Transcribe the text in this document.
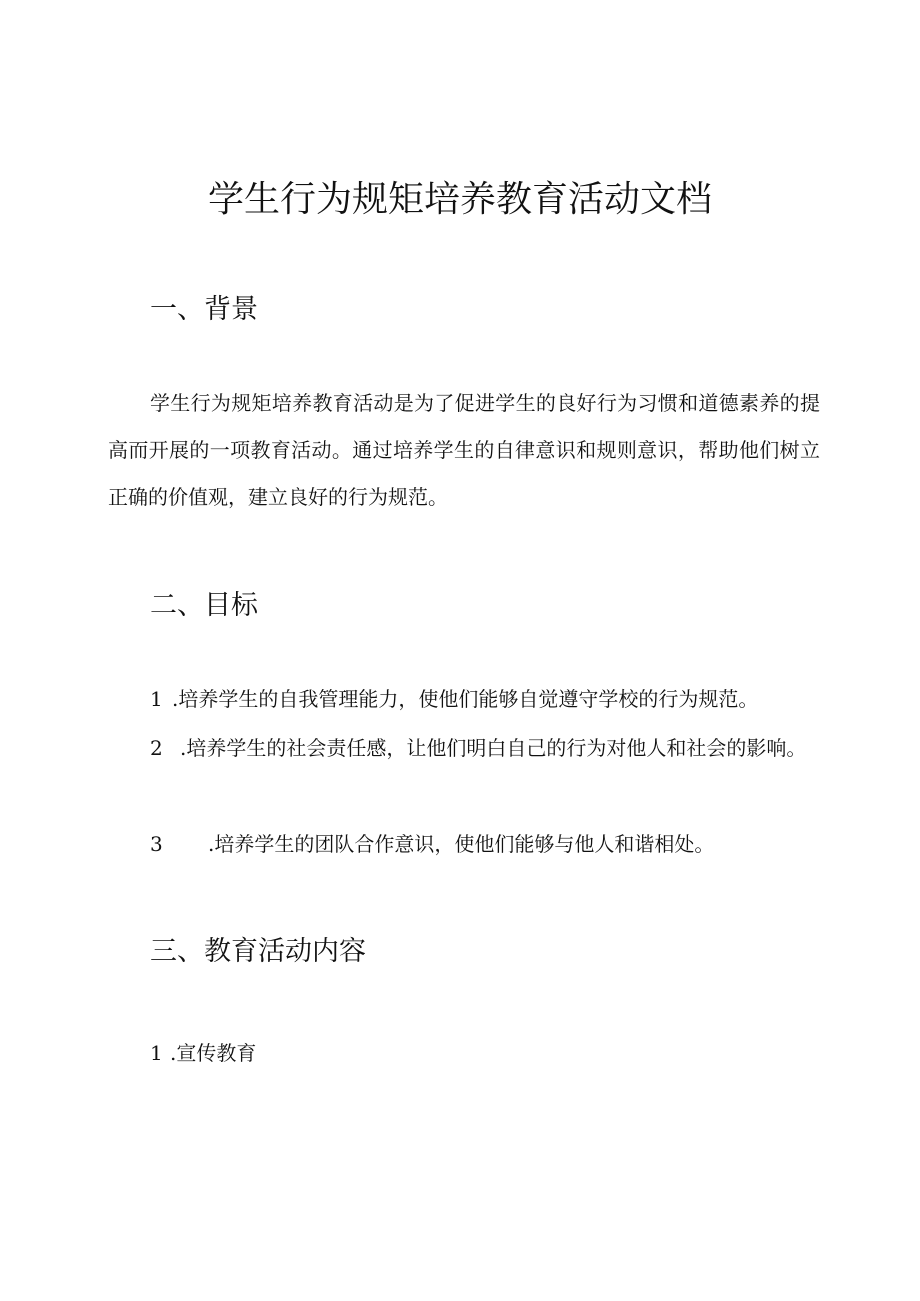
学生行为规矩培养教育活动文档
一、背景
学生行为规矩培养教育活动是为了促进学生的良好行为习惯和道德素养的提高而开展的一项教育活动。通过培养学生的自律意识和规则意识，帮助他们树立正确的价值观，建立良好的行为规范。
二、目标
1 .培养学生的自我管理能力，使他们能够自觉遵守学校的行为规范。
2 .培养学生的社会责任感，让他们明白自己的行为对他人和社会的影响。
3 .培养学生的团队合作意识，使他们能够与他人和谐相处。
三、教育活动内容
1 .宣传教育
